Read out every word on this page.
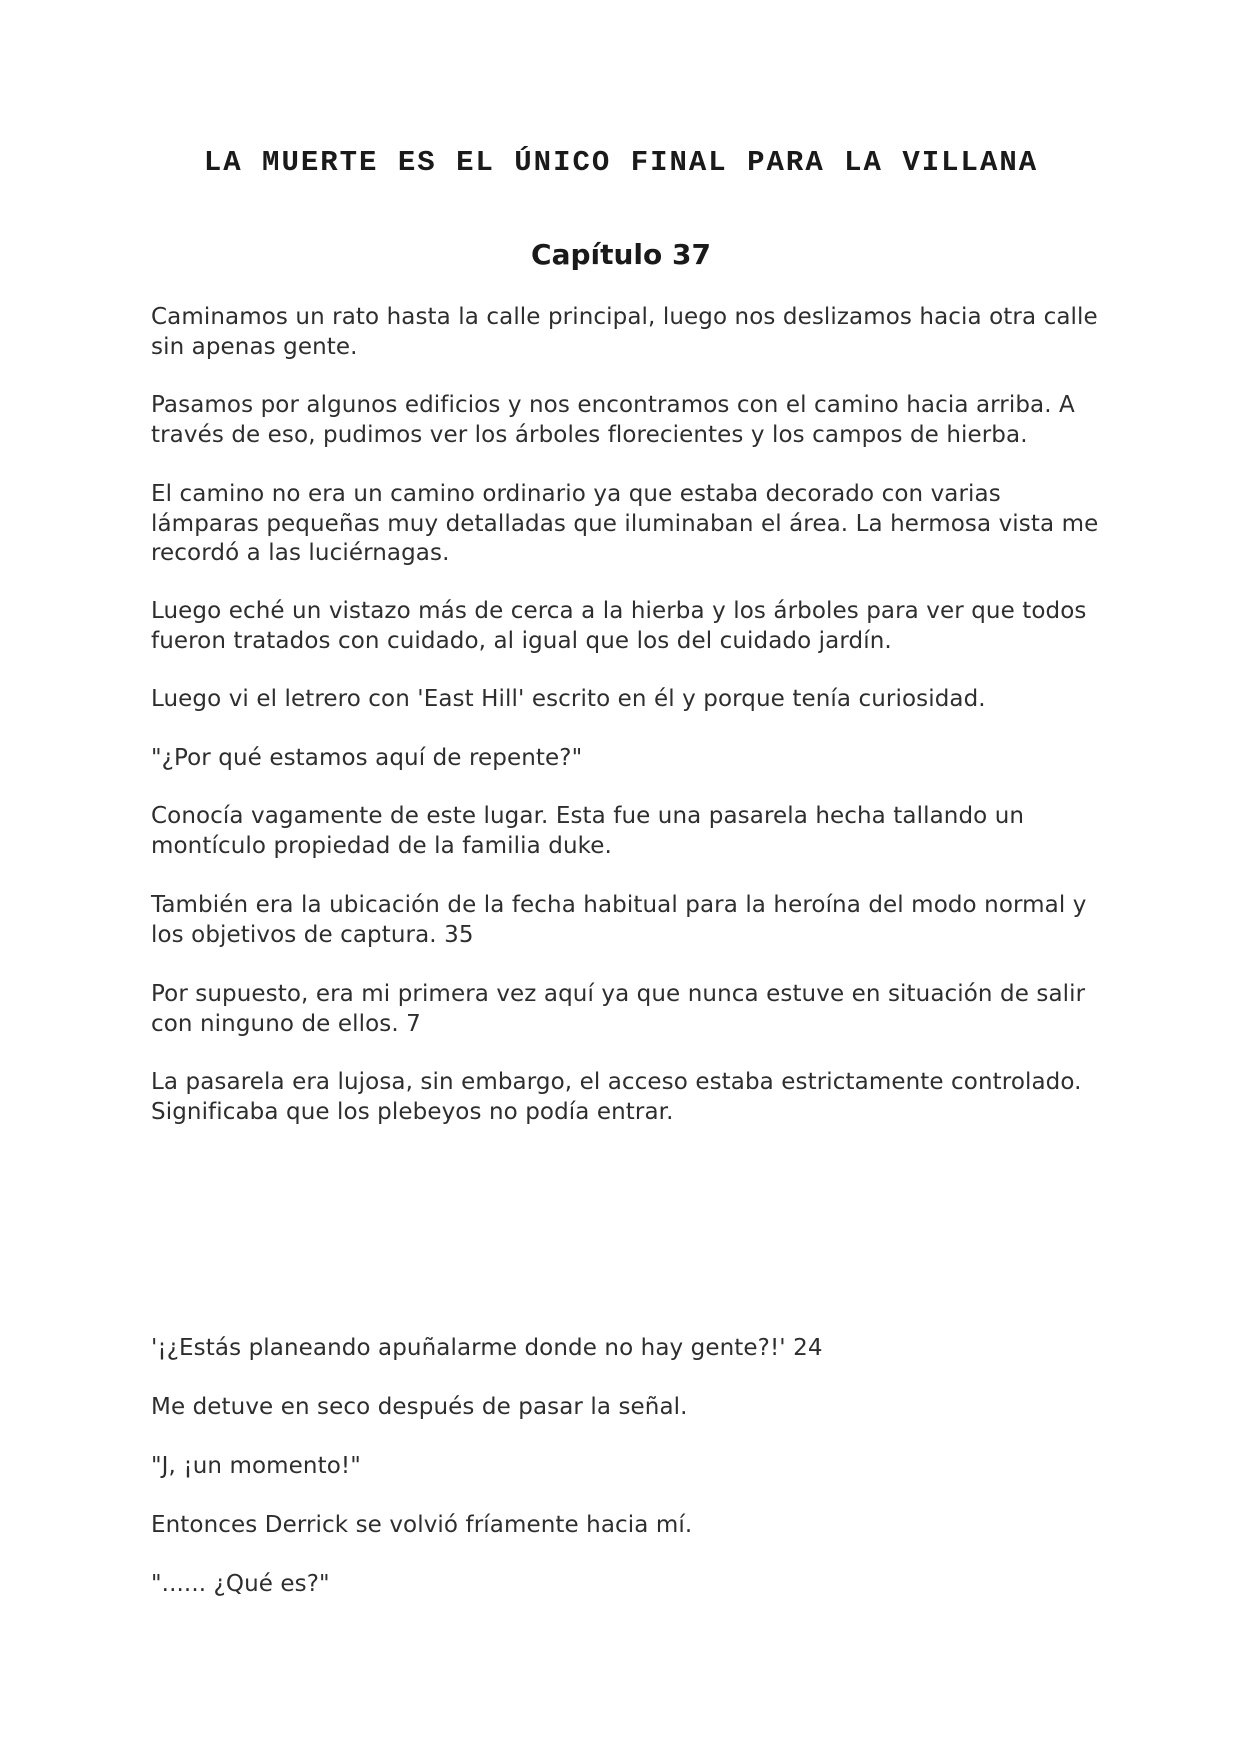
LA MUERTE ES EL ÚNICO FINAL PARA LA VILLANA
Capítulo 37

Caminamos un rato hasta la calle principal, luego nos deslizamos hacia otra calle sin apenas gente.

Pasamos por algunos edificios y nos encontramos con el camino hacia arriba. A través de eso, pudimos ver los árboles florecientes y los campos de hierba.

El camino no era un camino ordinario ya que estaba decorado con varias lámparas pequeñas muy detalladas que iluminaban el área. La hermosa vista me recordó a las luciérnagas.

Luego eché un vistazo más de cerca a la hierba y los árboles para ver que todos fueron tratados con cuidado, al igual que los del cuidado jardín.

Luego vi el letrero con 'East Hill' escrito en él y porque tenía curiosidad.

"¿Por qué estamos aquí de repente?"

Conocía vagamente de este lugar. Esta fue una pasarela hecha tallando un montículo propiedad de la familia duke.

También era la ubicación de la fecha habitual para la heroína del modo normal y los objetivos de captura. 35

Por supuesto, era mi primera vez aquí ya que nunca estuve en situación de salir con ninguno de ellos. 7

La pasarela era lujosa, sin embargo, el acceso estaba estrictamente controlado. Significaba que los plebeyos no podía entrar.

'¡¿Estás planeando apuñalarme donde no hay gente?!' 24

Me detuve en seco después de pasar la señal.

"J, ¡un momento!"

Entonces Derrick se volvió fríamente hacia mí.

"...... ¿Qué es?"
